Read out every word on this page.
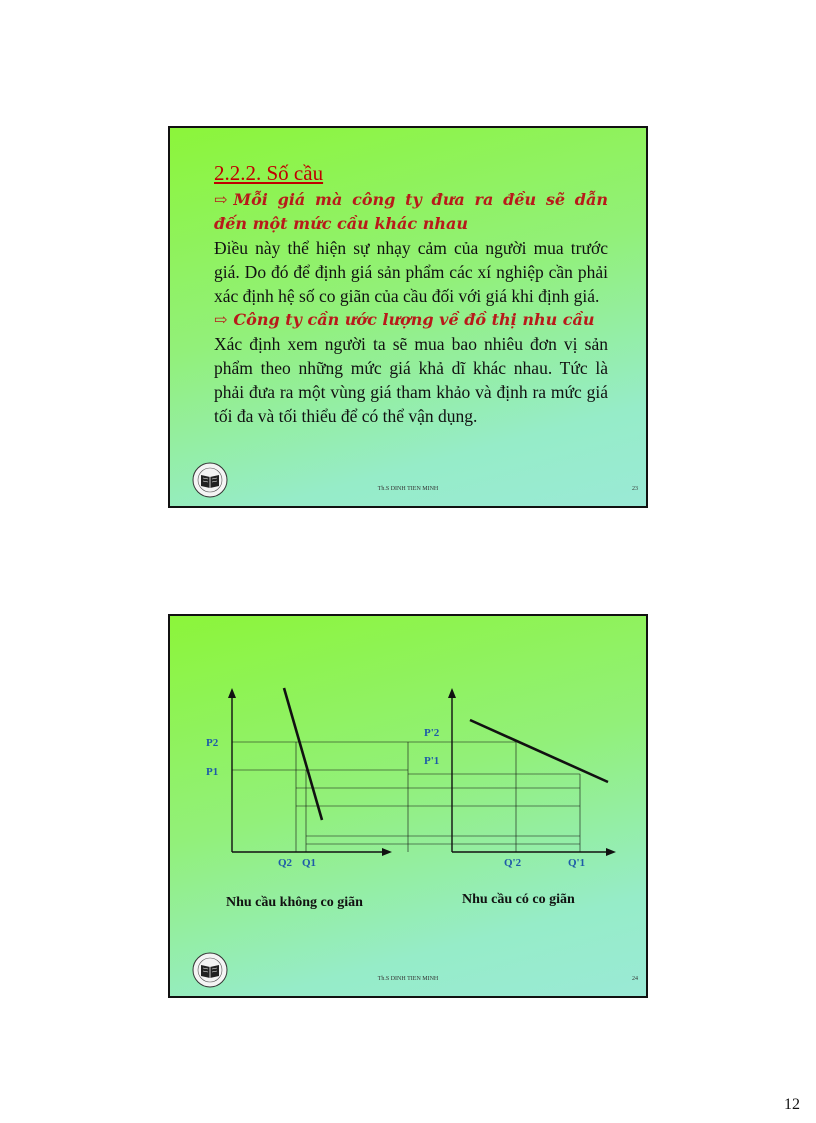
2.2.2. Số cầu
⇨ Mỗi giá mà công ty đưa ra đều sẽ dẫn đến một mức cầu khác nhau

Điều này thể hiện sự nhạy cảm của người mua trước giá. Do đó để định giá sản phẩm các xí nghiệp cần phải xác định hệ số co giãn của cầu đối với giá khi định giá.

⇨ Công ty cần ước lượng về đồ thị nhu cầu

Xác định xem người ta sẽ mua bao nhiêu đơn vị sản phẩm theo những mức giá khả dĩ khác nhau. Tức là phải đưa ra một vùng giá tham khảo và định ra mức giá tối đa và tối thiểu để có thể vận dụng.

Th.S DINH TIEN MINH	23
P2
P1
Q2 Q1
Nhu cầu không co giãn
P'2
P'1
Q'2	Q'1
Nhu cầu có co giãn
Th.S DINH TIEN MINH	24
12
